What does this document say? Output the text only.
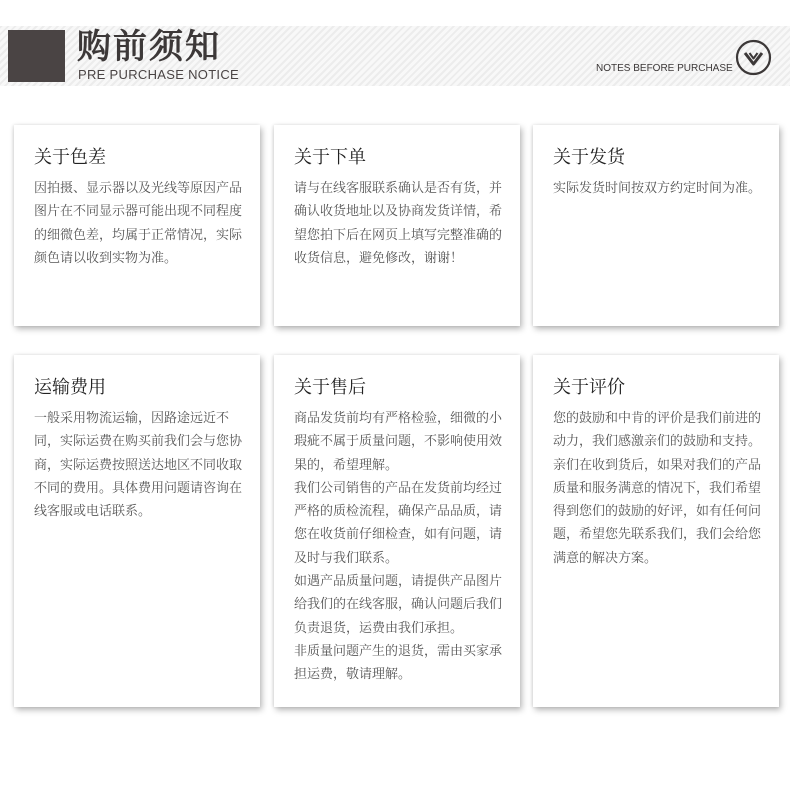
购前须知
PRE PURCHASE NOTICE	NOTES BEFORE PURCHASE
关于色差

因拍摄、显示器以及光线等原因产品图片在不同显示器可能出现不同程度的细微色差，均属于正常情况，实际颜色请以收到实物为准。

关于下单

请与在线客服联系确认是否有货，并确认收货地址以及协商发货详情，希望您拍下后在网页上填写完整准确的收货信息，避免修改，谢谢！

关于发货

实际发货时间按双方约定时间为准。

运输费用

一般采用物流运输，因路途远近不同，实际运费在购买前我们会与您协商，实际运费按照送达地区不同收取不同的费用。具体费用问题请咨询在线客服或电话联系。

关于售后

商品发货前均有严格检验，细微的小瑕疵不属于质量问题，不影响使用效果的，希望理解。

我们公司销售的产品在发货前均经过严格的质检流程，确保产品品质，请您在收货前仔细检查，如有问题，请及时与我们联系。

如遇产品质量问题，请提供产品图片给我们的在线客服，确认问题后我们负责退货，运费由我们承担。

非质量问题产生的退货，需由买家承担运费，敬请理解。

关于评价

您的鼓励和中肯的评价是我们前进的动力，我们感激亲们的鼓励和支持。

亲们在收到货后，如果对我们的产品质量和服务满意的情况下，我们希望得到您们的鼓励的好评，如有任何问题，希望您先联系我们，我们会给您满意的解决方案。
